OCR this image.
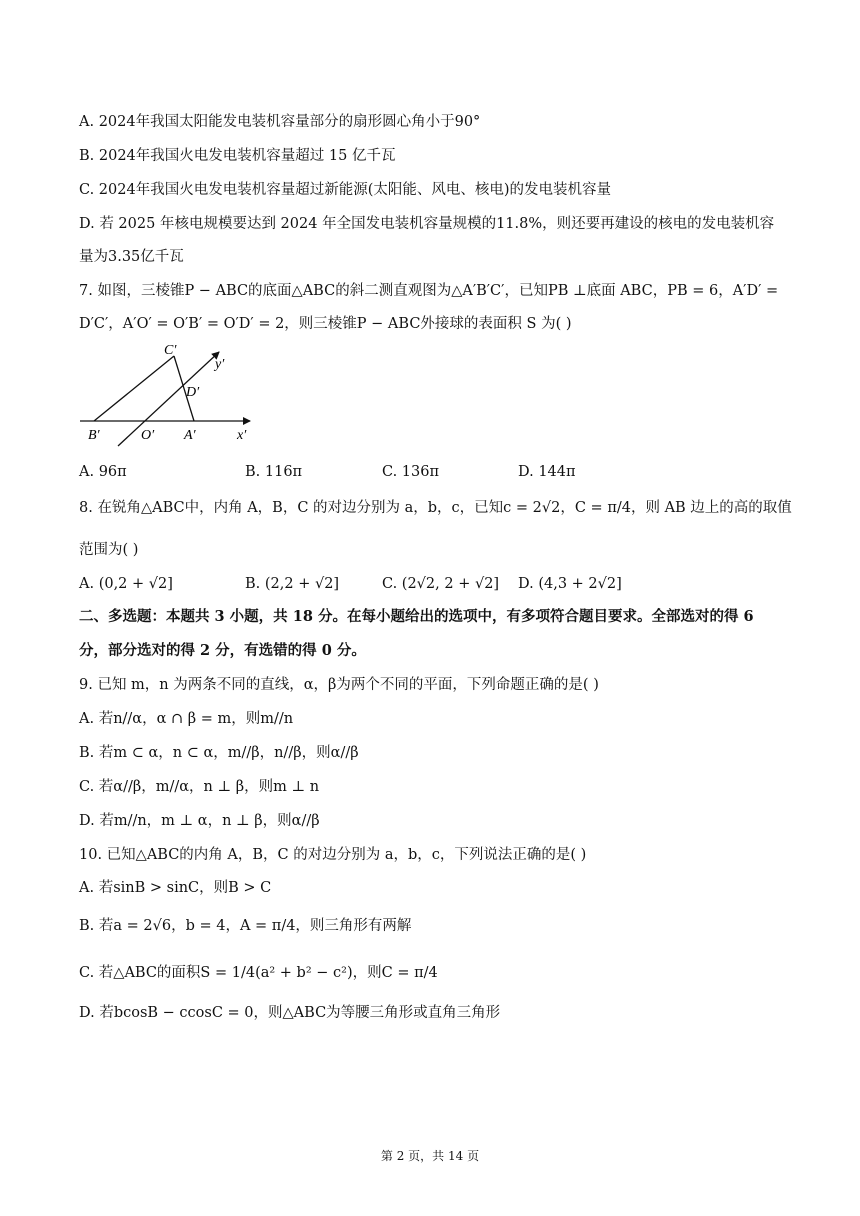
A. 2024年我国太阳能发电装机容量部分的扇形圆心角小于90°
B. 2024年我国火电发电装机容量超过 15 亿千瓦
C. 2024年我国火电发电装机容量超过新能源(太阳能、风电、核电)的发电装机容量
D. 若 2025 年核电规模要达到 2024 年全国发电装机容量规模的11.8%，则还要再建设的核电的发电装机容
量为3.35亿千瓦
7. 如图，三棱锥P − ABC的底面△ABC的斜二测直观图为△A′B′C′，已知PB ⊥底面 ABC，PB = 6，A′D′ =
D′C′，A′O′ = O′B′ = O′D′ = 2，则三棱锥P − ABC外接球的表面积 S 为( )
8. 在锐角△ABC中，内角 A，B，C 的对边分别为 a，b，c，已知c = 2√2，C = π/4，则 AB 边上的高的取值
范围为( )
二、多选题：本题共 3 小题，共 18 分。在每小题给出的选项中，有多项符合题目要求。全部选对的得 6
分，部分选对的得 2 分，有选错的得 0 分。
9. 已知 m，n 为两条不同的直线，α，β为两个不同的平面，下列命题正确的是( )
A. 若n//α，α ∩ β = m，则m//n
B. 若m ⊂ α，n ⊂ α，m//β，n//β，则α//β
C. 若α//β，m//α，n ⊥ β，则m ⊥ n
D. 若m//n，m ⊥ α，n ⊥ β，则α//β
10. 已知△ABC的内角 A，B，C 的对边分别为 a，b，c，下列说法正确的是( )
A. 若sinB > sinC，则B > C
B. 若a = 2√6，b = 4，A = π/4，则三角形有两解
C. 若△ABC的面积S = 1/4(a² + b² − c²)，则C = π/4
D. 若bcosB − ccosC = 0，则△ABC为等腰三角形或直角三角形
A. 96π	B. 116π	C. 136π	D. 144π
A. (0,2 + √2]	B. (2,2 + √2]	C. (2√2, 2 + √2] D. (4,3 + 2√2]
C′
y′
D′
B′	O′ A′	x′
第 2 页，共 14 页
